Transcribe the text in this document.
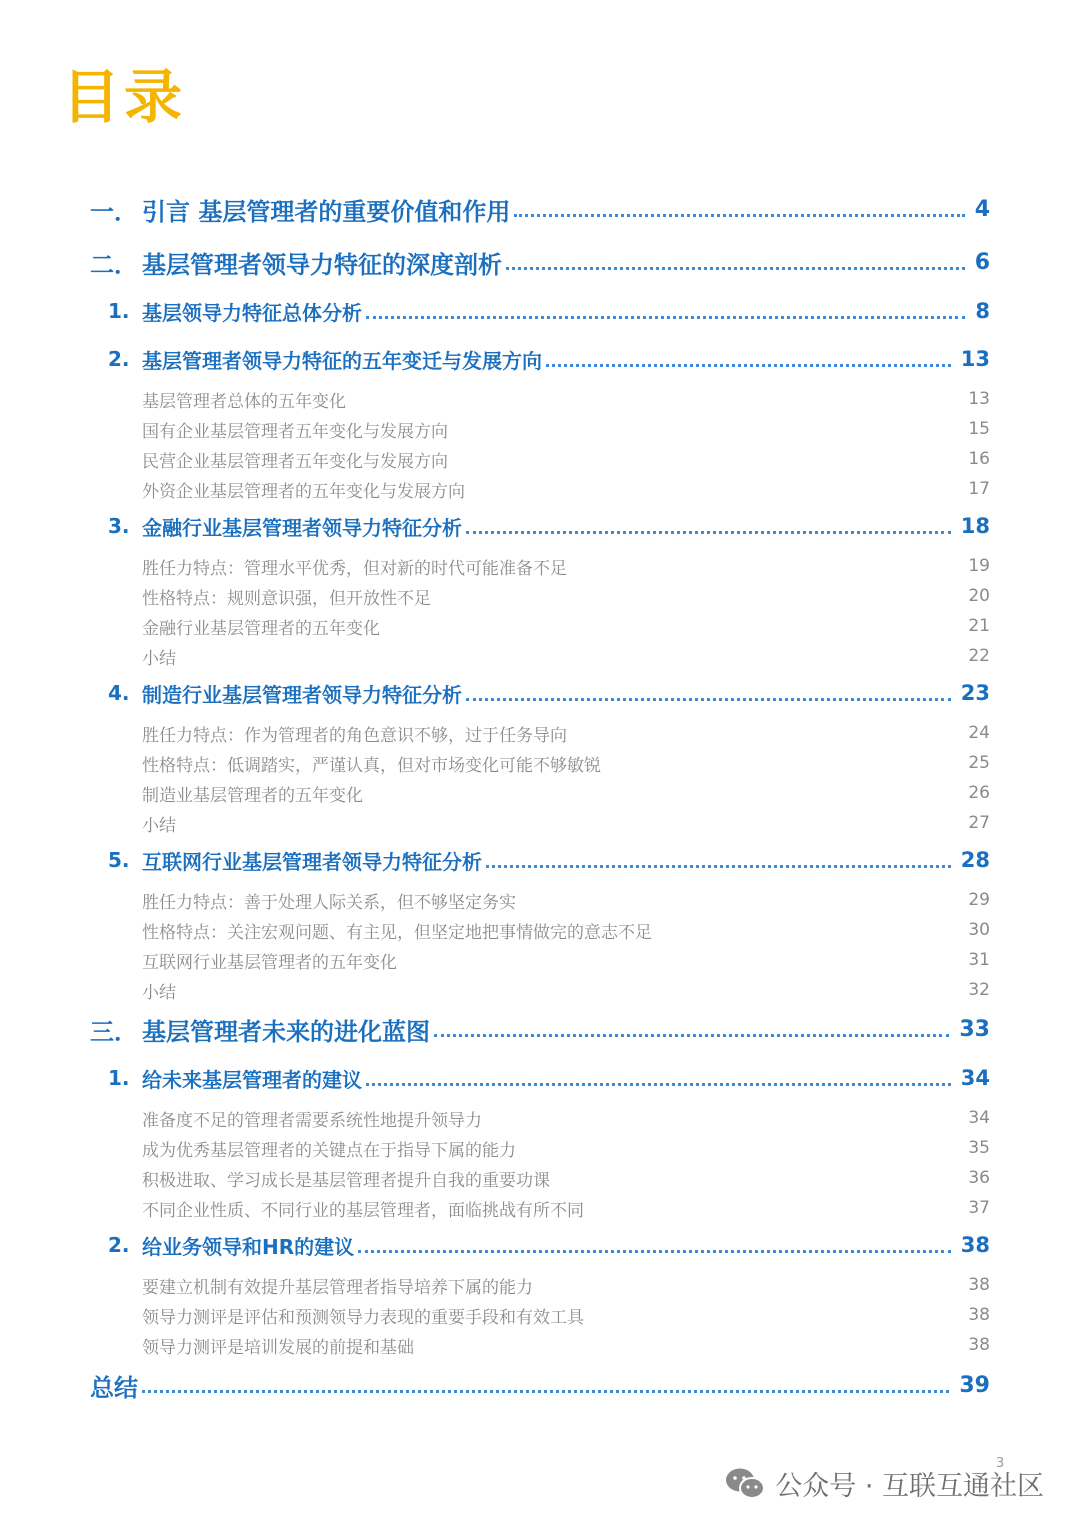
目录
一． 引言 基层管理者的重要价值和作用	4
二． 基层管理者领导力特征的深度剖析	6
1. 基层领导力特征总体分析	8
2. 基层管理者领导力特征的五年变迁与发展方向	13
基层管理者总体的五年变化	13
国有企业基层管理者五年变化与发展方向	15
民营企业基层管理者五年变化与发展方向	16
外资企业基层管理者的五年变化与发展方向	17
3. 金融行业基层管理者领导力特征分析	18
胜任力特点：管理水平优秀，但对新的时代可能准备不足	19
性格特点：规则意识强，但开放性不足	20
金融行业基层管理者的五年变化	21
小结	22
4. 制造行业基层管理者领导力特征分析	23
胜任力特点：作为管理者的角色意识不够，过于任务导向	24
性格特点：低调踏实，严谨认真，但对市场变化可能不够敏锐	25
制造业基层管理者的五年变化	26
小结	27
5. 互联网行业基层管理者领导力特征分析	28
胜任力特点：善于处理人际关系，但不够坚定务实	29
性格特点：关注宏观问题、有主见，但坚定地把事情做完的意志不足	30
互联网行业基层管理者的五年变化	31
小结	32
三． 基层管理者未来的进化蓝图	33
1. 给未来基层管理者的建议	34
准备度不足的管理者需要系统性地提升领导力	34
成为优秀基层管理者的关键点在于指导下属的能力	35
积极进取、学习成长是基层管理者提升自我的重要功课	36
不同企业性质、不同行业的基层管理者，面临挑战有所不同	37
2. 给业务领导和HR的建议	38
要建立机制有效提升基层管理者指导培养下属的能力	38
领导力测评是评估和预测领导力表现的重要手段和有效工具	38
领导力测评是培训发展的前提和基础	38
总结	39
3
公众号 · 互联互通社区
